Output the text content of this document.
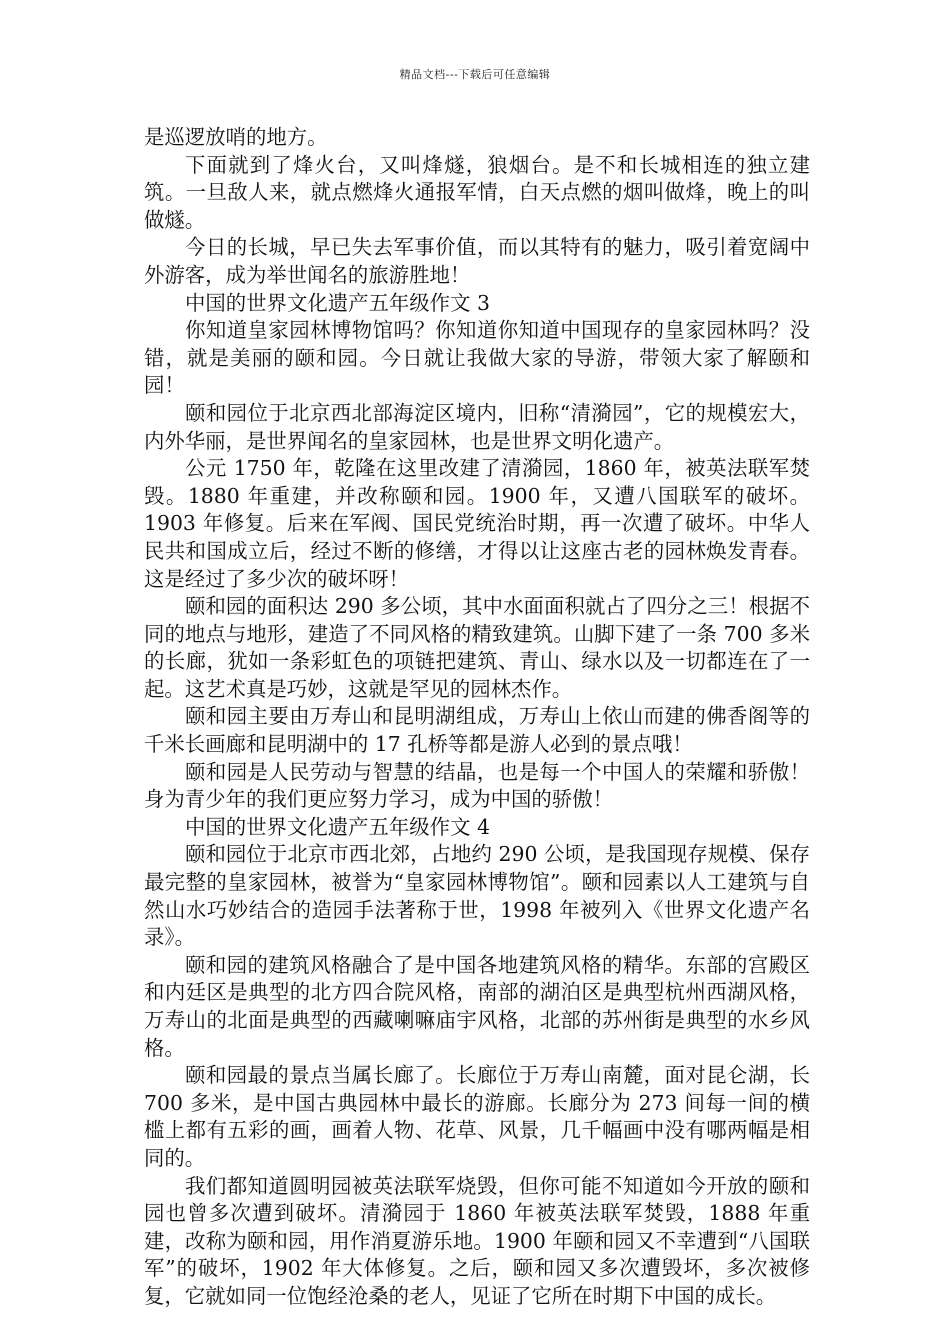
精品文档---下载后可任意编辑

是巡逻放哨的地方。

下面就到了烽火台，又叫烽燧，狼烟台。是不和长城相连的独立建筑。一旦敌人来，就点燃烽火通报军情，白天点燃的烟叫做烽，晚上的叫做燧。

今日的长城，早已失去军事价值，而以其特有的魅力，吸引着宽阔中外游客，成为举世闻名的旅游胜地！

中国的世界文化遗产五年级作文 3

你知道皇家园林博物馆吗？你知道你知道中国现存的皇家园林吗？没错，就是美丽的颐和园。今日就让我做大家的导游，带领大家了解颐和园！

颐和园位于北京西北部海淀区境内，旧称“清漪园”，它的规模宏大，内外华丽，是世界闻名的皇家园林，也是世界文明化遗产。

公元 1750 年，乾隆在这里改建了清漪园，1860 年，被英法联军焚毁。1880 年重建，并改称颐和园。1900 年，又遭八国联军的破坏。1903 年修复。后来在军阀、国民党统治时期，再一次遭了破坏。中华人民共和国成立后，经过不断的修缮，才得以让这座古老的园林焕发青春。这是经过了多少次的破坏呀！

颐和园的面积达 290 多公顷，其中水面面积就占了四分之三！根据不同的地点与地形，建造了不同风格的精致建筑。山脚下建了一条 700 多米的长廊，犹如一条彩虹色的项链把建筑、青山、绿水以及一切都连在了一起。这艺术真是巧妙，这就是罕见的园林杰作。

颐和园主要由万寿山和昆明湖组成，万寿山上依山而建的佛香阁等的千米长画廊和昆明湖中的 17 孔桥等都是游人必到的景点哦！

颐和园是人民劳动与智慧的结晶，也是每一个中国人的荣耀和骄傲！身为青少年的我们更应努力学习，成为中国的骄傲！

中国的世界文化遗产五年级作文 4

颐和园位于北京市西北郊，占地约 290 公顷，是我国现存规模、保存最完整的皇家园林，被誉为“皇家园林博物馆”。颐和园素以人工建筑与自然山水巧妙结合的造园手法著称于世，1998 年被列入《世界文化遗产名录》。

颐和园的建筑风格融合了是中国各地建筑风格的精华。东部的宫殿区和内廷区是典型的北方四合院风格，南部的湖泊区是典型杭州西湖风格，万寿山的北面是典型的西藏喇嘛庙宇风格，北部的苏州街是典型的水乡风格。

颐和园最的景点当属长廊了。长廊位于万寿山南麓，面对昆仑湖，长 700 多米，是中国古典园林中最长的游廊。长廊分为 273 间每一间的横槛上都有五彩的画，画着人物、花草、风景，几千幅画中没有哪两幅是相同的。

我们都知道圆明园被英法联军烧毁，但你可能不知道如今开放的颐和园也曾多次遭到破坏。清漪园于 1860 年被英法联军焚毁，1888 年重建，改称为颐和园，用作消夏游乐地。1900 年颐和园又不幸遭到“八国联军”的破坏，1902 年大体修复。之后，颐和园又多次遭毁坏，多次被修复，它就如同一位饱经沧桑的老人，见证了它所在时期下中国的成长。
